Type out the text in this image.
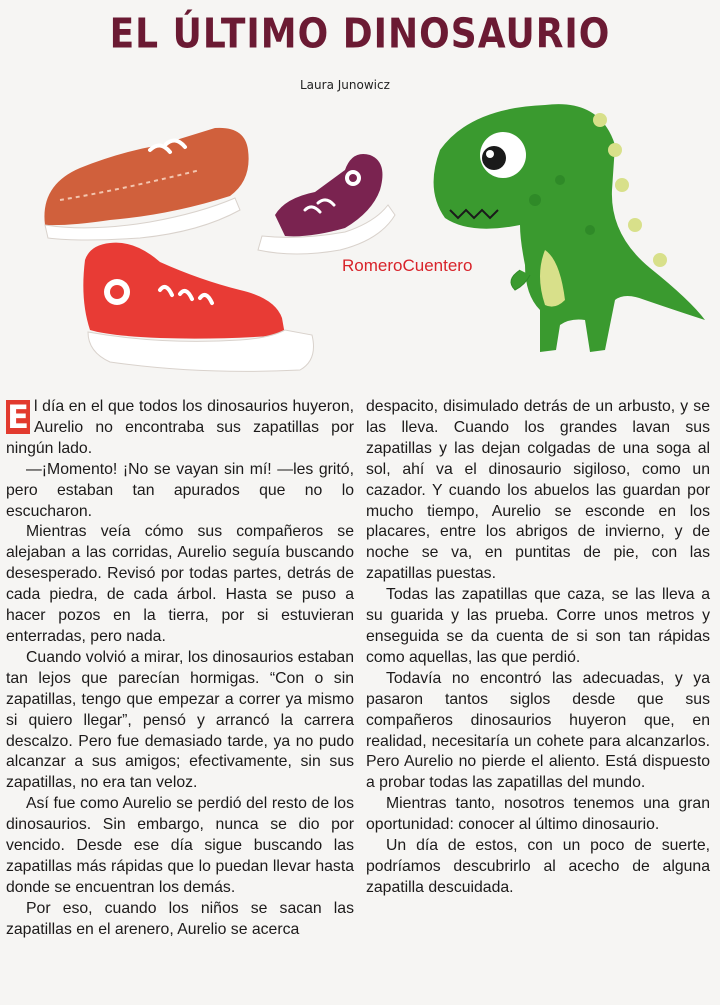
EL ÚLTIMO DINOSAURIO
Laura Junowicz
RomeroCuentero

E l día en el que todos los dinosaurios huyeron, Aurelio no encontraba sus zapatillas por ningún lado.

—¡Momento! ¡No se vayan sin mí! —les gritó, pero estaban tan apurados que no lo escucharon.

Mientras veía cómo sus compañeros se alejaban a las corridas, Aurelio seguía buscando desesperado. Revisó por todas partes, detrás de cada piedra, de cada árbol. Hasta se puso a hacer pozos en la tierra, por si estuvieran enterradas, pero nada.

Cuando volvió a mirar, los dinosaurios estaban tan lejos que parecían hormigas. “Con o sin zapatillas, tengo que empezar a correr ya mismo si quiero llegar”, pensó y arrancó la carrera descalzo. Pero fue demasiado tarde, ya no pudo alcanzar a sus amigos; efectivamente, sin sus zapatillas, no era tan veloz.

Así fue como Aurelio se perdió del resto de los dinosaurios. Sin embargo, nunca se dio por vencido. Desde ese día sigue buscando las zapatillas más rápidas que lo puedan llevar hasta donde se encuentran los demás.

Por eso, cuando los niños se sacan las zapatillas en el arenero, Aurelio se acerca

despacito, disimulado detrás de un arbusto, y se las lleva. Cuando los grandes lavan sus zapatillas y las dejan colgadas de una soga al sol, ahí va el dinosaurio sigiloso, como un cazador. Y cuando los abuelos las guardan por mucho tiempo, Aurelio se esconde en los placares, entre los abrigos de invierno, y de noche se va, en puntitas de pie, con las zapatillas puestas.

Todas las zapatillas que caza, se las lleva a su guarida y las prueba. Corre unos metros y enseguida se da cuenta de si son tan rápidas como aquellas, las que perdió.

Todavía no encontró las adecuadas, y ya pasaron tantos siglos desde que sus compañeros dinosaurios huyeron que, en realidad, necesitaría un cohete para alcanzarlos. Pero Aurelio no pierde el aliento. Está dispuesto a probar todas las zapatillas del mundo.

Mientras tanto, nosotros tenemos una gran oportunidad: conocer al último dinosaurio.

Un día de estos, con un poco de suerte, podríamos descubrirlo al acecho de alguna zapatilla descuidada.
